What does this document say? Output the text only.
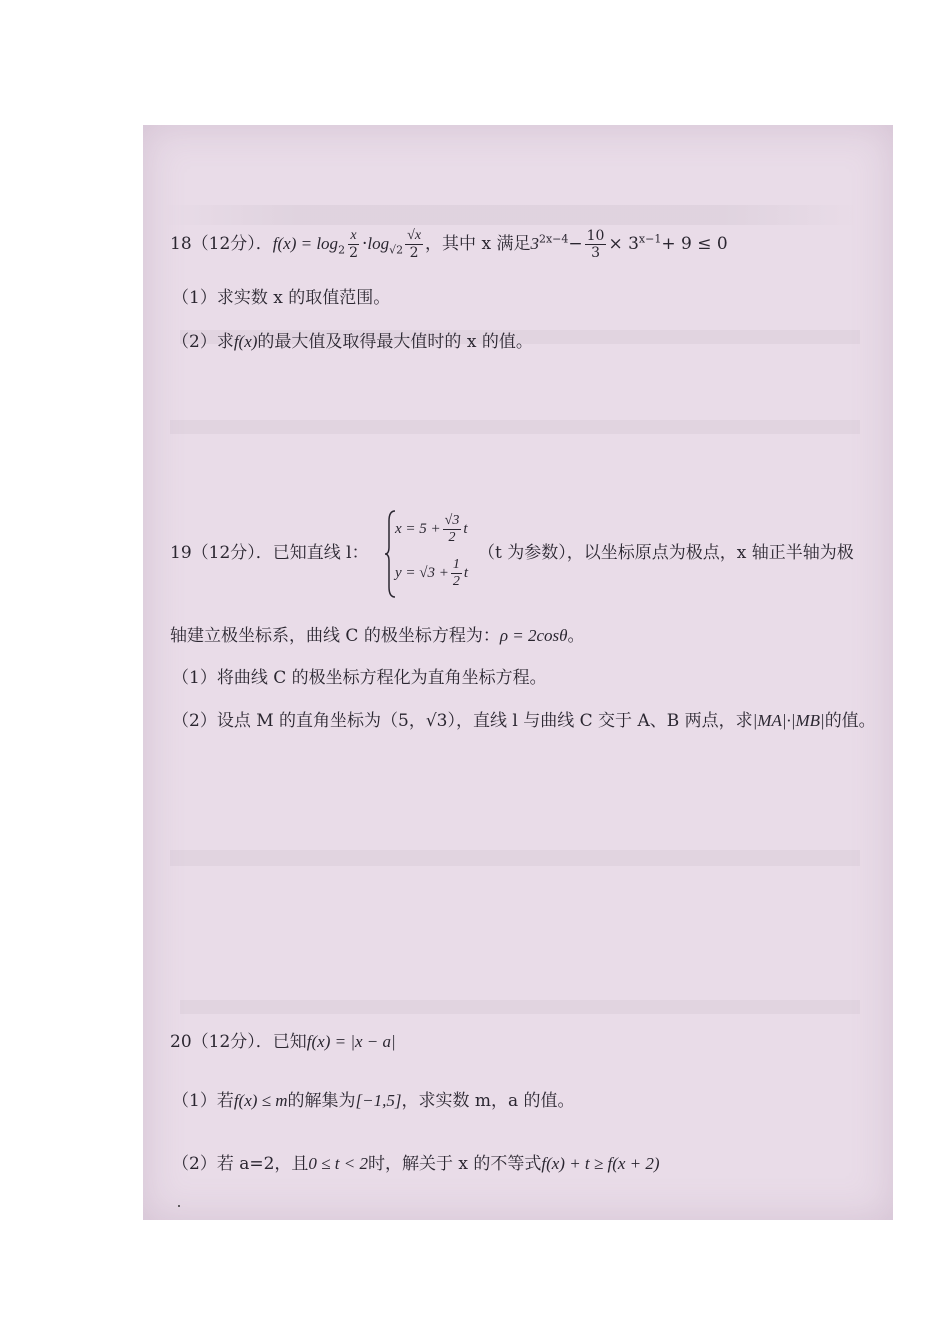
18（12分）．$f(x) = \log_2 \frac{x}{2} \cdot\log_{√2} \frac{√x}{2}$ ，其中 x 满足$3^{2x-4}- \frac{10}{3} \times 3^{x-1}+ 9 \le 0$
（1）求实数 x 的取值范围。
（2）求f(x)的最大值及取得最大值时的 x 的值。
19（12分）．已知直线 l：
$x = 5 + \frac{√3}{2}$ t
$y = √3 + \frac{1}{2}$ t
（t 为参数），以坐标原点为极点，x 轴正半轴为极
轴建立极坐标系，曲线 C 的极坐标方程为：ρ = 2cosθ。
（1）将曲线 C 的极坐标方程化为直角坐标方程。
（2）设点 M 的直角坐标为（5，√3），直线 l 与曲线 C 交于 A、B 两点，求|MA|·|MB|的值。
20（12分）．已知f(x) = |x − a|
（1）若f(x) ≤ m的解集为[−1,5]，求实数 m，a 的值。
（2）若 a=2，且0 ≤ t < 2时，解关于 x 的不等式f(x) + t ≥ f(x + 2)
